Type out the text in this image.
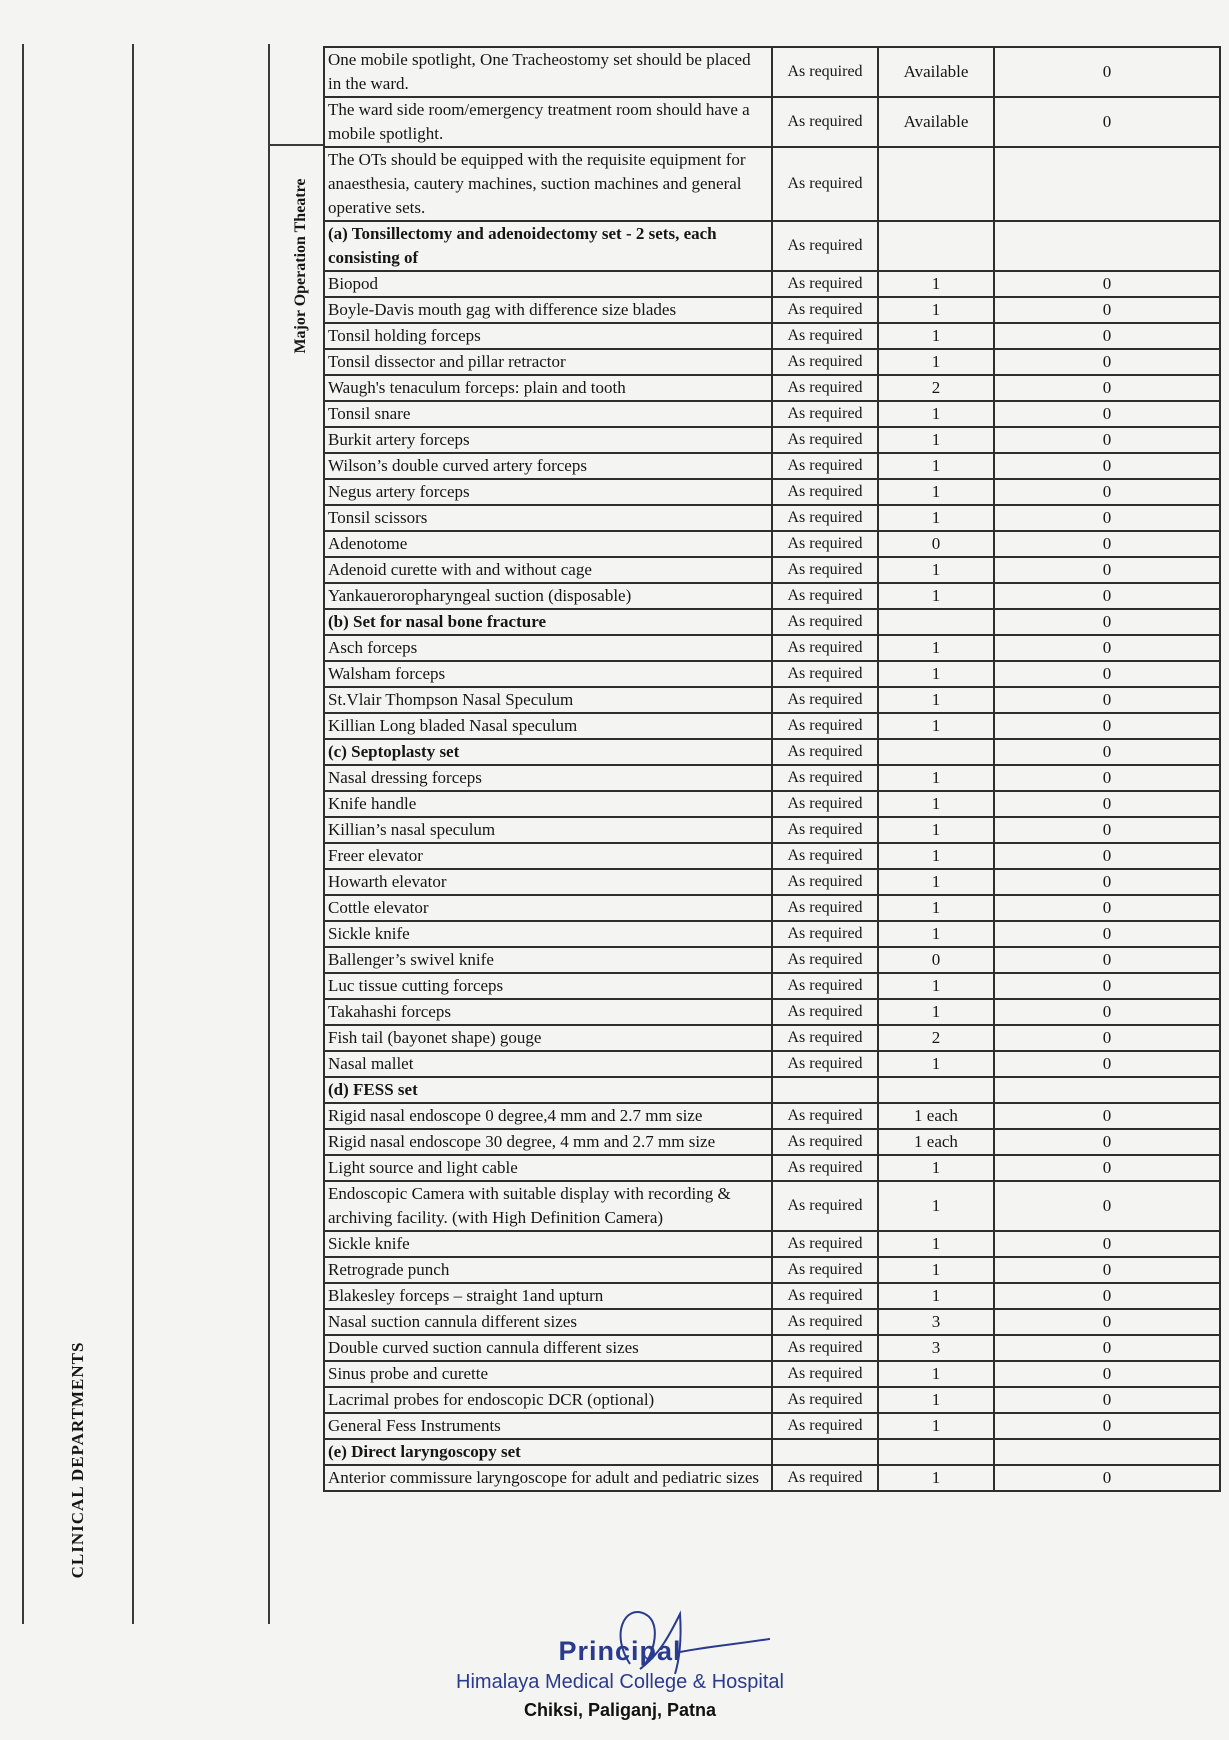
CLINICAL DEPARTMENTS
Major Operation Theatre
One mobile spotlight, One Tracheostomy set should be placed in the ward.	As required	Available	0
The ward side room/emergency treatment room should have a mobile spotlight.	As required	Available	0
The OTs should be equipped with the requisite equipment for anaesthesia, cautery machines, suction machines and general operative sets.	As required		
(a) Tonsillectomy and adenoidectomy set - 2 sets, each consisting of	As required		
Biopod	As required	1	0
Boyle-Davis mouth gag with difference size blades	As required	1	0
Tonsil holding forceps	As required	1	0
Tonsil dissector and pillar retractor	As required	1	0
Waugh's tenaculum forceps: plain and tooth	As required	2	0
Tonsil snare	As required	1	0
Burkit artery forceps	As required	1	0
Wilson’s double curved artery forceps	As required	1	0
Negus artery forceps	As required	1	0
Tonsil scissors	As required	1	0
Adenotome	As required	0	0
Adenoid curette with and without cage	As required	1	0
Yankaueroropharyngeal suction (disposable)	As required	1	0
(b) Set for nasal bone fracture	As required		0
Asch forceps	As required	1	0
Walsham forceps	As required	1	0
St.Vlair Thompson Nasal Speculum	As required	1	0
Killian Long bladed Nasal speculum	As required	1	0
(c) Septoplasty set	As required		0
Nasal dressing forceps	As required	1	0
Knife handle	As required	1	0
Killian’s nasal speculum	As required	1	0
Freer elevator	As required	1	0
Howarth elevator	As required	1	0
Cottle elevator	As required	1	0
Sickle knife	As required	1	0
Ballenger’s swivel knife	As required	0	0
Luc tissue cutting forceps	As required	1	0
Takahashi forceps	As required	1	0
Fish tail (bayonet shape) gouge	As required	2	0
Nasal mallet	As required	1	0
(d) FESS set			
Rigid nasal endoscope 0 degree,4 mm and 2.7 mm size	As required	1 each	0
Rigid nasal endoscope 30 degree, 4 mm and 2.7 mm size	As required	1 each	0
Light source and light cable	As required	1	0
Endoscopic Camera with suitable display with recording & archiving facility. (with High Definition Camera)	As required	1	0
Sickle knife	As required	1	0
Retrograde punch	As required	1	0
Blakesley forceps – straight 1and upturn	As required	1	0
Nasal suction cannula different sizes	As required	3	0
Double curved suction cannula different sizes	As required	3	0
Sinus probe and curette	As required	1	0
Lacrimal probes for endoscopic DCR (optional)	As required	1	0
General Fess Instruments	As required	1	0
(e) Direct laryngoscopy set			
Anterior commissure laryngoscope for adult and pediatric sizes	As required	1	0
Principal
Himalaya Medical College & Hospital
Chiksi, Paliganj, Patna
